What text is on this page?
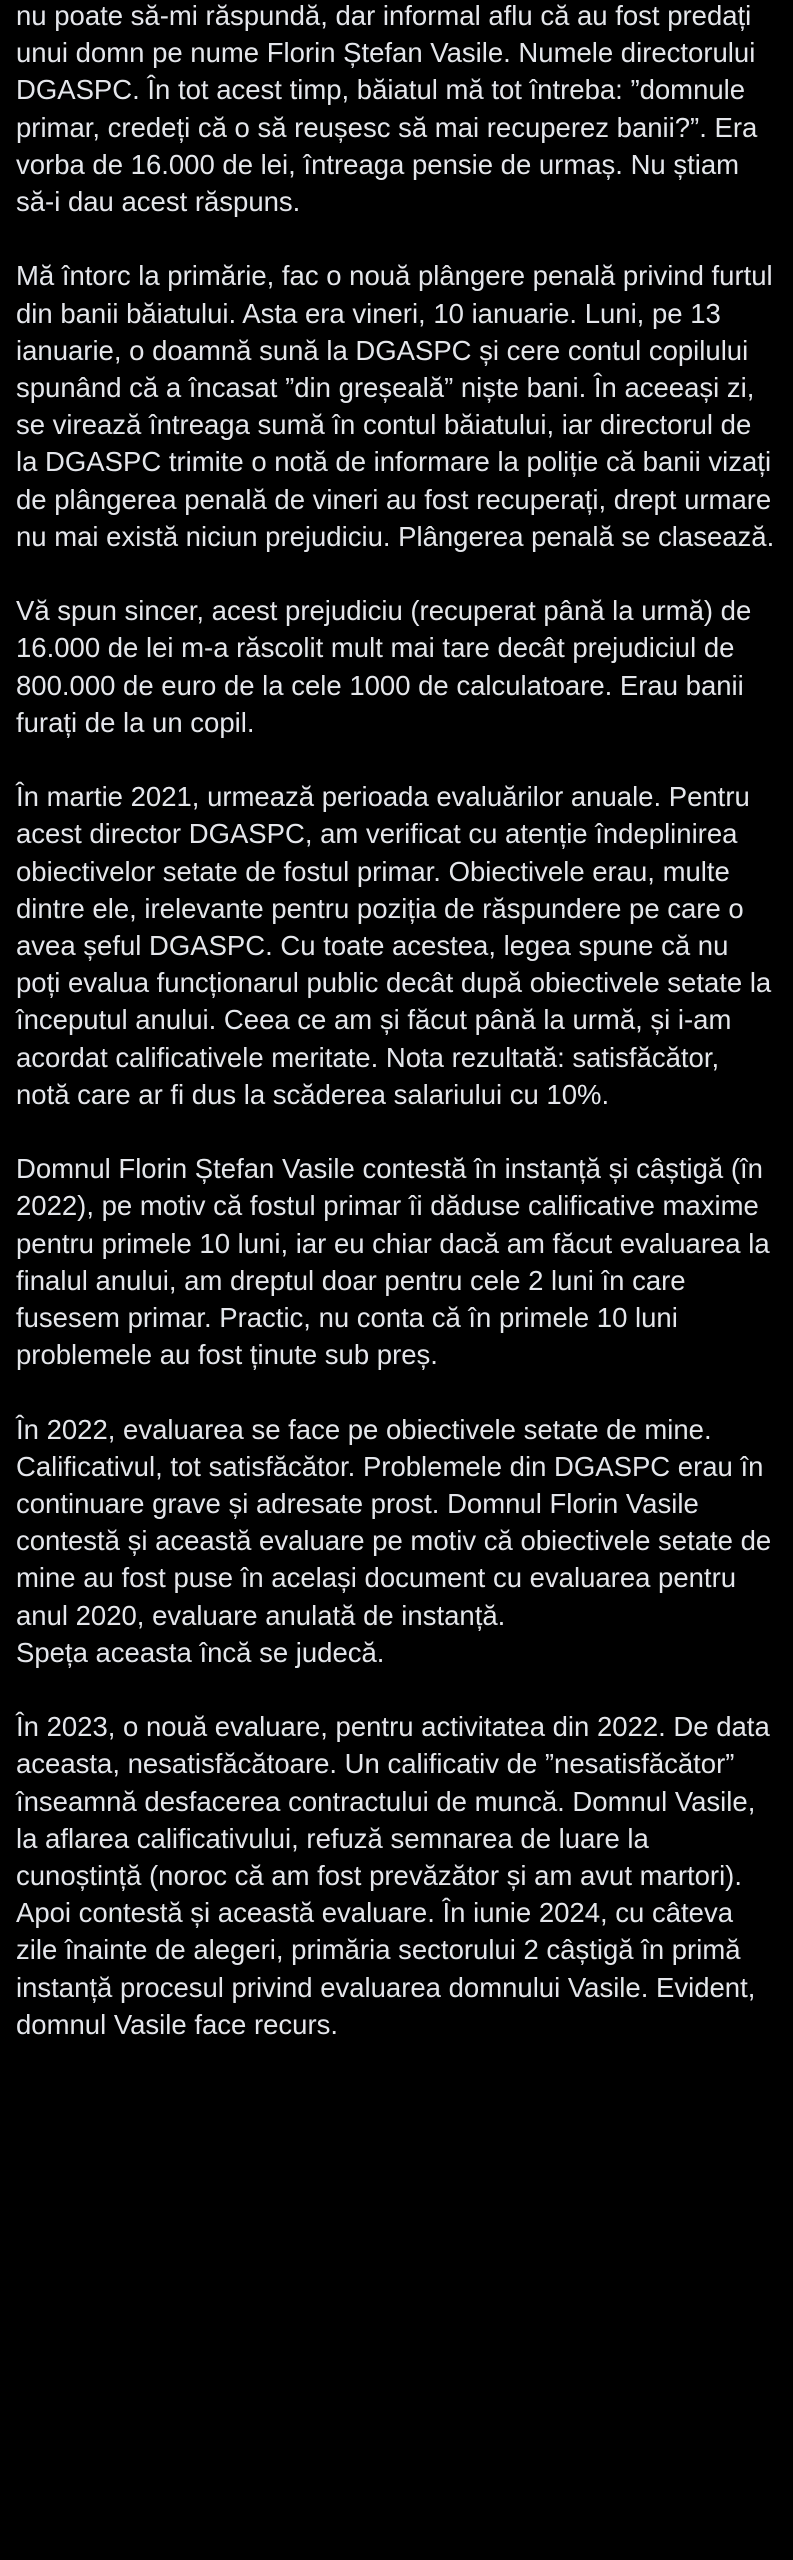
nu poate să-mi răspundă, dar informal aflu că au fost predați unui domn pe nume Florin Ștefan Vasile. Numele directorului DGASPC. În tot acest timp, băiatul mă tot întreba: ”domnule primar, credeți că o să reușesc să mai recuperez banii?”. Era vorba de 16.000 de lei, întreaga pensie de urmaș. Nu știam să-i dau acest răspuns.

Mă întorc la primărie, fac o nouă plângere penală privind furtul din banii băiatului. Asta era vineri, 10 ianuarie. Luni, pe 13 ianuarie, o doamnă sună la DGASPC și cere contul copilului spunând că a încasat ”din greșeală” niște bani. În aceeași zi, se virează întreaga sumă în contul băiatului, iar directorul de la DGASPC trimite o notă de informare la poliție că banii vizați de plângerea penală de vineri au fost recuperați, drept urmare nu mai există niciun prejudiciu. Plângerea penală se clasează.

Vă spun sincer, acest prejudiciu (recuperat până la urmă) de 16.000 de lei m-a răscolit mult mai tare decât prejudiciul de 800.000 de euro de la cele 1000 de calculatoare. Erau banii furați de la un copil.

În martie 2021, urmează perioada evaluărilor anuale. Pentru acest director DGASPC, am verificat cu atenție îndeplinirea obiectivelor setate de fostul primar. Obiectivele erau, multe dintre ele, irelevante pentru poziția de răspundere pe care o avea șeful DGASPC. Cu toate acestea, legea spune că nu poți evalua funcționarul public decât după obiectivele setate la începutul anului. Ceea ce am și făcut până la urmă, și i-am acordat calificativele meritate. Nota rezultată: satisfăcător, notă care ar fi dus la scăderea salariului cu 10%.

Domnul Florin Ștefan Vasile contestă în instanță și câștigă (în 2022), pe motiv că fostul primar îi dăduse calificative maxime pentru primele 10 luni, iar eu chiar dacă am făcut evaluarea la finalul anului, am dreptul doar pentru cele 2 luni în care fusesem primar. Practic, nu conta că în primele 10 luni problemele au fost ținute sub preș.

În 2022, evaluarea se face pe obiectivele setate de mine. Calificativul, tot satisfăcător. Problemele din DGASPC erau în continuare grave și adresate prost. Domnul Florin Vasile contestă și această evaluare pe motiv că obiectivele setate de mine au fost puse în același document cu evaluarea pentru anul 2020, evaluare anulată de instanță.

Speța aceasta încă se judecă.

În 2023, o nouă evaluare, pentru activitatea din 2022. De data aceasta, nesatisfăcătoare. Un calificativ de ”nesatisfăcător” înseamnă desfacerea contractului de muncă. Domnul Vasile, la aflarea calificativului, refuză semnarea de luare la cunoștință (noroc că am fost prevăzător și am avut martori). Apoi contestă și această evaluare. În iunie 2024, cu câteva zile înainte de alegeri, primăria sectorului 2 câștigă în primă instanță procesul privind evaluarea domnului Vasile. Evident, domnul Vasile face recurs.
